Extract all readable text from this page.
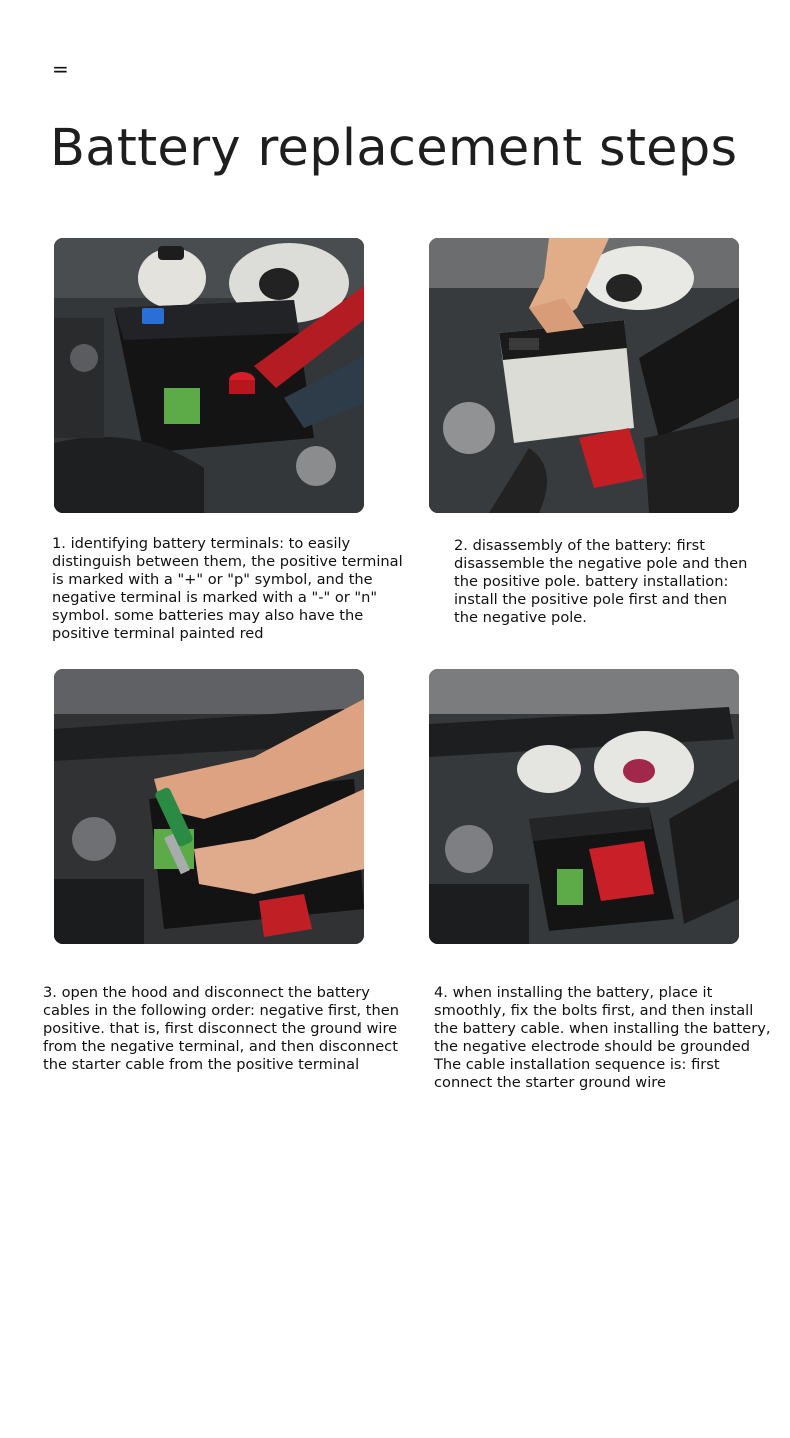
=
Battery replacement steps

1. identifying battery terminals: to easily distinguish between them, the positive terminal is marked with a "+" or "p" symbol, and the negative terminal is marked with a "-" or "n" symbol. some batteries may also have the positive terminal painted red

2. disassembly of the battery: first disassemble the negative pole and then the positive pole. battery installation: install the positive pole first and then the negative pole.

3. open the hood and disconnect the battery cables in the following order: negative first, then positive. that is, first disconnect the ground wire from the negative terminal, and then disconnect the starter cable from the positive terminal

4. when installing the battery, place it smoothly, fix the bolts first, and then install the battery cable. when installing the battery, the negative electrode should be grounded The cable installation sequence is: first connect the starter ground wire
